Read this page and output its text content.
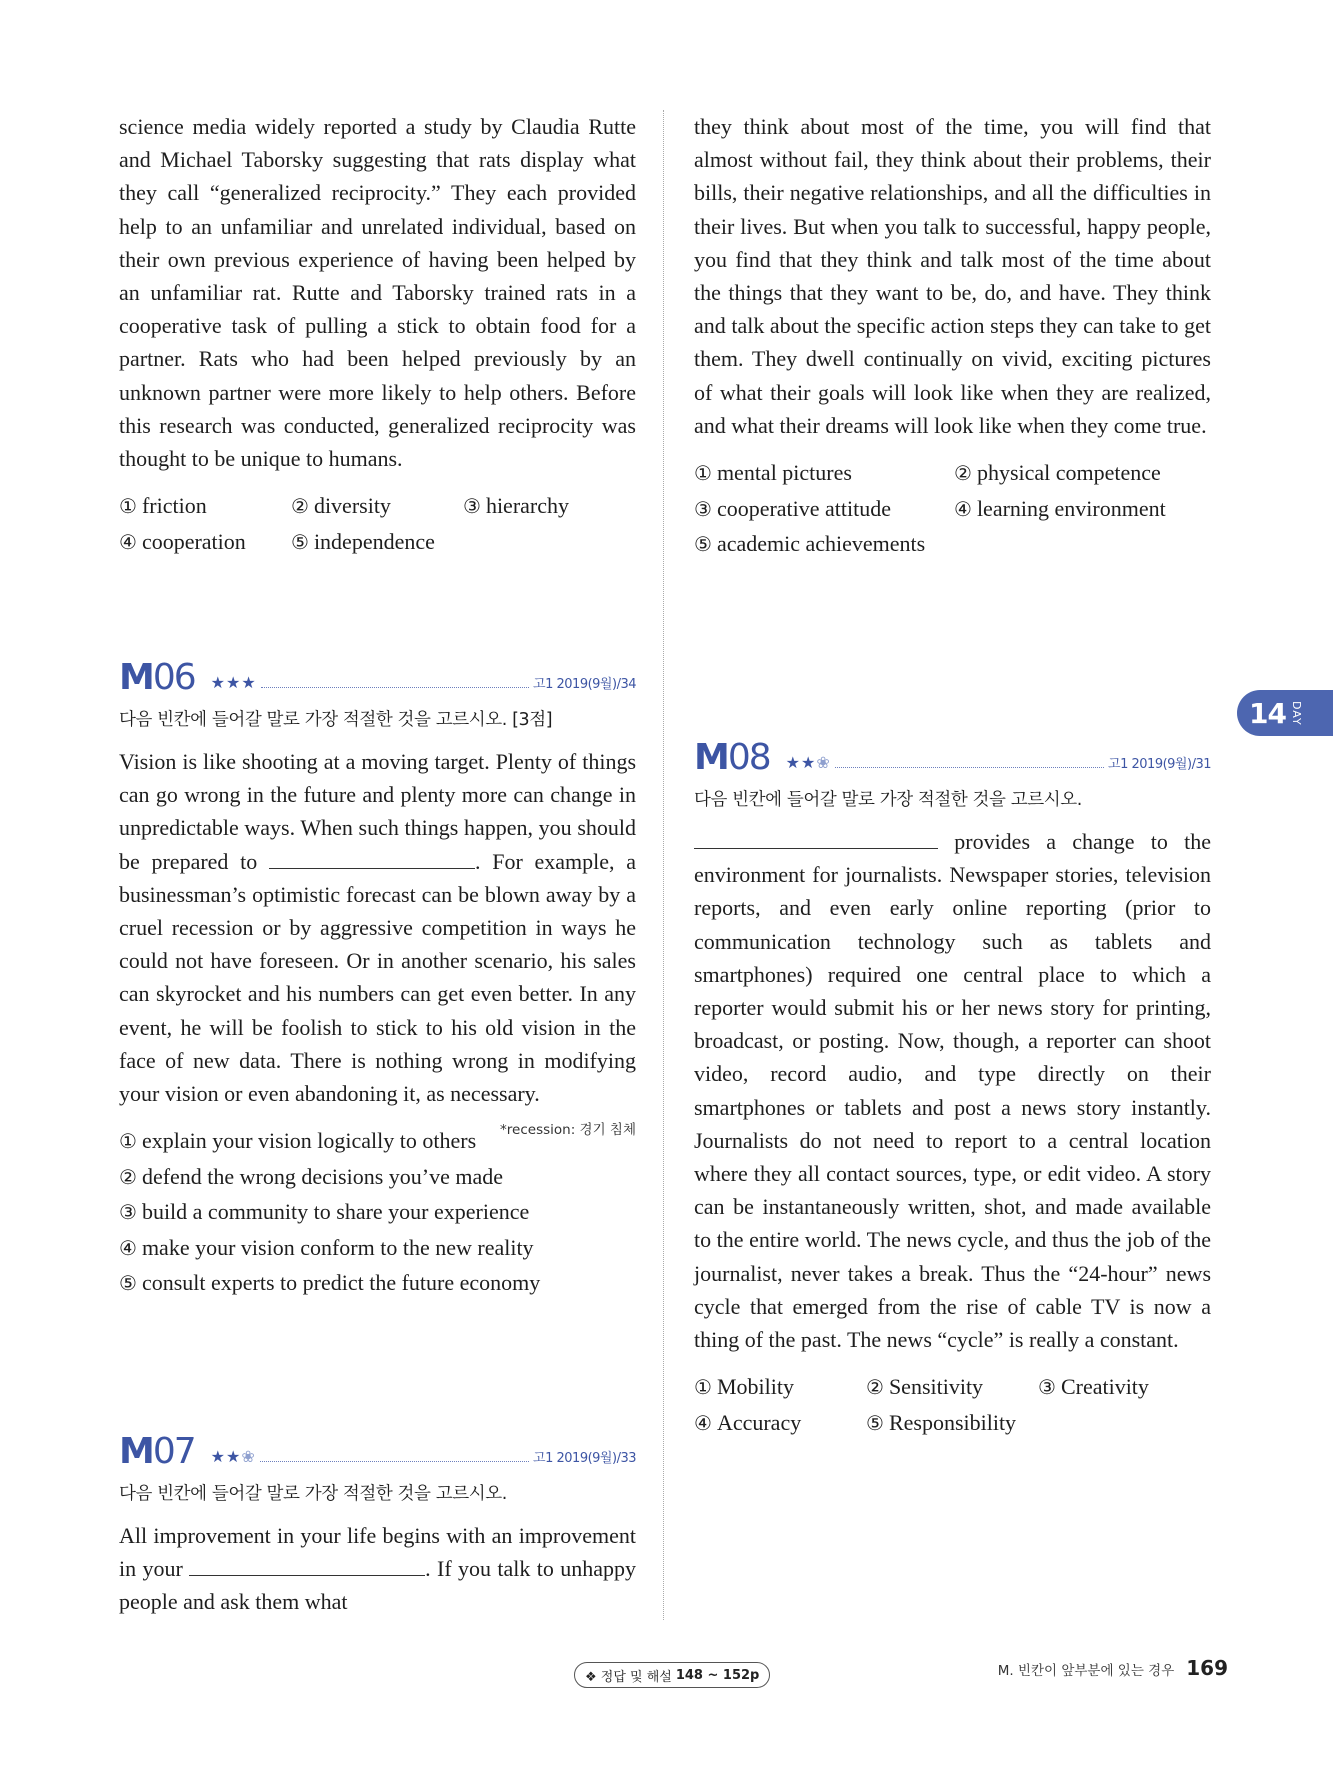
science media widely reported a study by Claudia Rutte and Michael Taborsky suggesting that rats display what they call “generalized reciprocity.” They each provided help to an unfamiliar and unrelated individual, based on their own previous experience of having been helped by an unfamiliar rat. Rutte and Taborsky trained rats in a cooperative task of pulling a stick to obtain food for a partner. Rats who had been helped previously by an unknown partner were more likely to help others. Before this research was conducted, generalized reciprocity was thought to be unique to humans.

① friction	② diversity	③ hierarchy
④ cooperation	⑤ independence
M06 ★★★	고1 2019(9월)/34
다음 빈칸에 들어갈 말로 가장 적절한 것을 고르시오. [3점]

Vision is like shooting at a moving target. Plenty of things can go wrong in the future and plenty more can change in unpredictable ways. When such things happen, you should be prepared to	. For example, a businessman’s optimistic forecast can be blown away by a cruel recession or by aggressive competition in ways he could not have foreseen. Or in another scenario, his sales can skyrocket and his numbers can get even better. In any event, he will be foolish to stick to his old vision in the face of new data. There is nothing wrong in modifying your vision or even abandoning it, as necessary.
*recession: 경기 침체

① explain your vision logically to others
② defend the wrong decisions you’ve made
③ build a community to share your experience
④ make your vision conform to the new reality
⑤ consult experts to predict the future economy
M07 ★★❀	고1 2019(9월)/33
다음 빈칸에 들어갈 말로 가장 적절한 것을 고르시오.

All improvement in your life begins with an improvement in your	. If you talk to unhappy people and ask them what

they think about most of the time, you will find that almost without fail, they think about their problems, their bills, their negative relationships, and all the difficulties in their lives. But when you talk to successful, happy people, you find that they think and talk most of the time about the things that they want to be, do, and have. They think and talk about the specific action steps they can take to get them. They dwell continually on vivid, exciting pictures of what their goals will look like when they are realized, and what their dreams will look like when they come true.

① mental pictures	② physical competence
③ cooperative attitude	④ learning environment
⑤ academic achievements
M08 ★★❀	고1 2019(9월)/31
다음 빈칸에 들어갈 말로 가장 적절한 것을 고르시오.

provides a change to the environment for journalists. Newspaper stories, television reports, and even early online reporting (prior to communication technology such as tablets and smartphones) required one central place to which a reporter would submit his or her news story for printing, broadcast, or posting. Now, though, a reporter can shoot video, record audio, and type directly on their smartphones or tablets and post a news story instantly. Journalists do not need to report to a central location where they all contact sources, type, or edit video. A story can be instantaneously written, shot, and made available to the entire world. The news cycle, and thus the job of the journalist, never takes a break. Thus the “24-hour” news cycle that emerged from the rise of cable TV is now a thing of the past. The news “cycle” is really a constant.

① Mobility	② Sensitivity	③ Creativity
④ Accuracy	⑤ Responsibility
14 DAY
❖ 정답 및 해설 148 ~ 152p	M. 빈칸이 앞부분에 있는 경우 169
